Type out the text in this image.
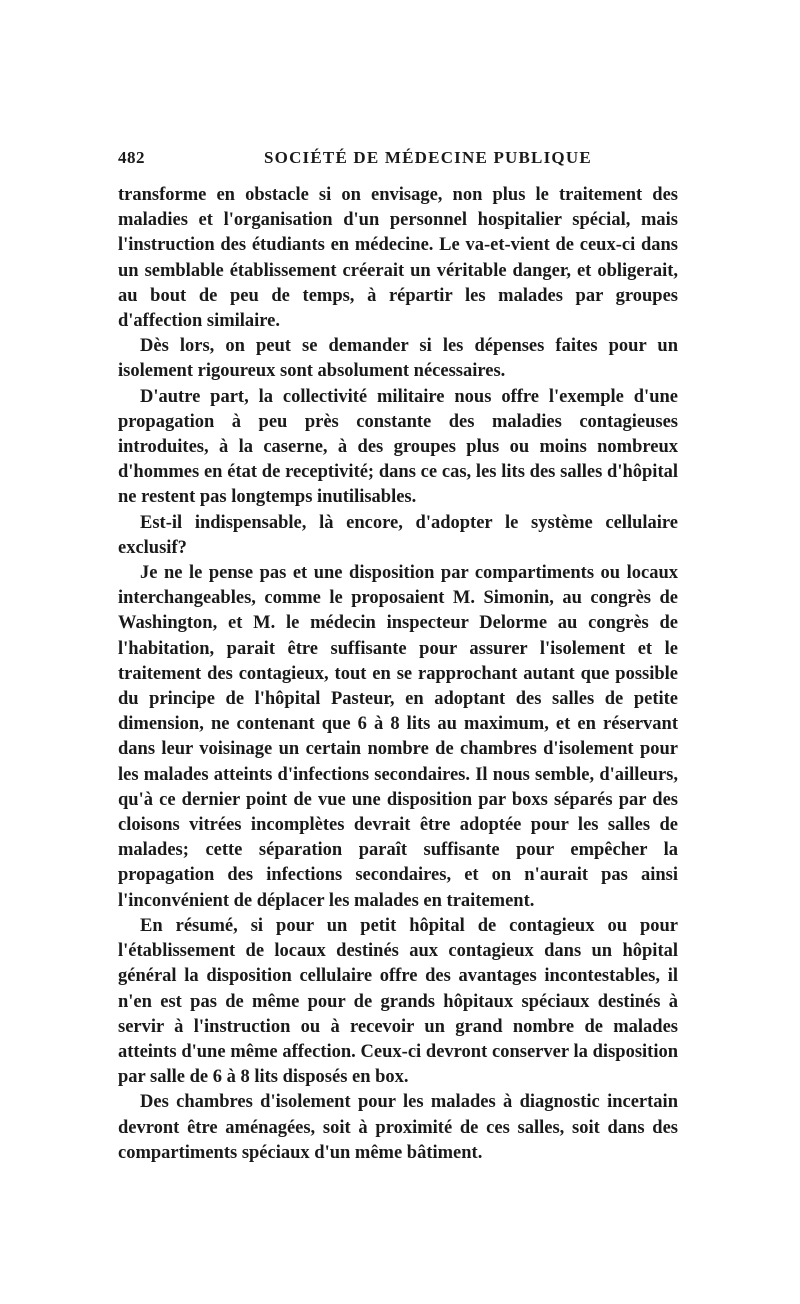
482	SOCIÉTÉ DE MÉDECINE PUBLIQUE

transforme en obstacle si on envisage, non plus le traitement des maladies et l'organisation d'un personnel hospitalier spécial, mais l'instruction des étudiants en médecine. Le va-et-vient de ceux-ci dans un semblable établissement créerait un véritable danger, et obligerait, au bout de peu de temps, à répartir les malades par groupes d'affection similaire.

Dès lors, on peut se demander si les dépenses faites pour un isolement rigoureux sont absolument nécessaires.

D'autre part, la collectivité militaire nous offre l'exemple d'une propagation à peu près constante des maladies contagieuses introduites, à la caserne, à des groupes plus ou moins nombreux d'hommes en état de receptivité; dans ce cas, les lits des salles d'hôpital ne restent pas longtemps inutilisables.

Est-il indispensable, là encore, d'adopter le système cellulaire exclusif?

Je ne le pense pas et une disposition par compartiments ou locaux interchangeables, comme le proposaient M. Simonin, au congrès de Washington, et M. le médecin inspecteur Delorme au congrès de l'habitation, parait être suffisante pour assurer l'isolement et le traitement des contagieux, tout en se rapprochant autant que possible du principe de l'hôpital Pasteur, en adoptant des salles de petite dimension, ne contenant que 6 à 8 lits au maximum, et en réservant dans leur voisinage un certain nombre de chambres d'isolement pour les malades atteints d'infections secondaires. Il nous semble, d'ailleurs, qu'à ce dernier point de vue une disposition par boxs séparés par des cloisons vitrées incomplètes devrait être adoptée pour les salles de malades; cette séparation paraît suffisante pour empêcher la propagation des infections secondaires, et on n'aurait pas ainsi l'inconvénient de déplacer les malades en traitement.

En résumé, si pour un petit hôpital de contagieux ou pour l'établissement de locaux destinés aux contagieux dans un hôpital général la disposition cellulaire offre des avantages incontestables, il n'en est pas de même pour de grands hôpitaux spéciaux destinés à servir à l'instruction ou à recevoir un grand nombre de malades atteints d'une même affection. Ceux-ci devront conserver la disposition par salle de 6 à 8 lits disposés en box.

Des chambres d'isolement pour les malades à diagnostic incertain devront être aménagées, soit à proximité de ces salles, soit dans des compartiments spéciaux d'un même bâtiment.
